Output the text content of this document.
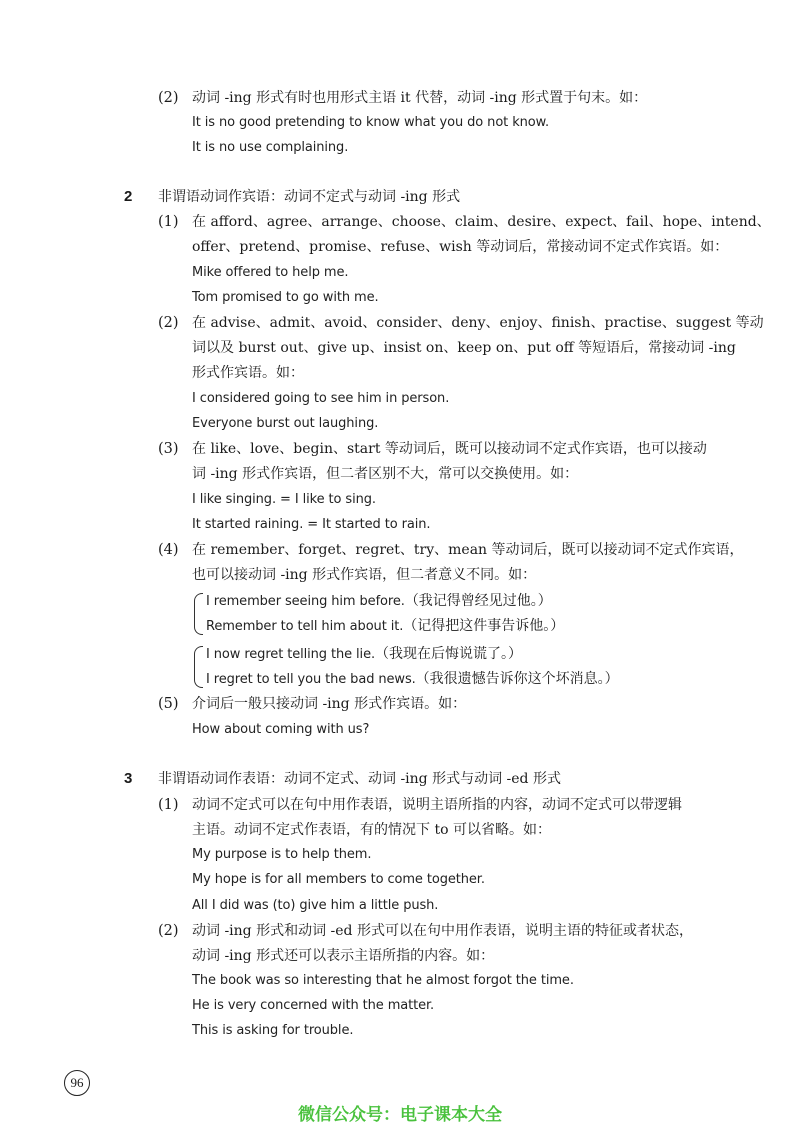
(2) 动词 -ing 形式有时也用形式主语 it 代替，动词 -ing 形式置于句末。如：
It is no good pretending to know what you do not know.
It is no use complaining.
2 非谓语动词作宾语：动词不定式与动词 -ing 形式
(1) 在 afford、agree、arrange、choose、claim、desire、expect、fail、hope、intend、
offer、pretend、promise、refuse、wish 等动词后，常接动词不定式作宾语。如：
Mike offered to help me.
Tom promised to go with me.
(2) 在 advise、admit、avoid、consider、deny、enjoy、finish、practise、suggest 等动
词以及 burst out、give up、insist on、keep on、put off 等短语后，常接动词 -ing
形式作宾语。如：
I considered going to see him in person.
Everyone burst out laughing.
(3) 在 like、love、begin、start 等动词后，既可以接动词不定式作宾语，也可以接动
词 -ing 形式作宾语，但二者区别不大，常可以交换使用。如：
I like singing. = I like to sing.
It started raining. = It started to rain.
(4) 在 remember、forget、regret、try、mean 等动词后，既可以接动词不定式作宾语，
也可以接动词 -ing 形式作宾语，但二者意义不同。如：
I remember seeing him before.（我记得曾经见过他。）
Remember to tell him about it.（记得把这件事告诉他。）
I now regret telling the lie.（我现在后悔说谎了。）
I regret to tell you the bad news.（我很遗憾告诉你这个坏消息。）
(5) 介词后一般只接动词 -ing 形式作宾语。如：
How about coming with us?
3 非谓语动词作表语：动词不定式、动词 -ing 形式与动词 -ed 形式
(1) 动词不定式可以在句中用作表语，说明主语所指的内容，动词不定式可以带逻辑
主语。动词不定式作表语，有的情况下 to 可以省略。如：
My purpose is to help them.
My hope is for all members to come together.
All I did was (to) give him a little push.
(2) 动词 -ing 形式和动词 -ed 形式可以在句中用作表语，说明主语的特征或者状态，
动词 -ing 形式还可以表示主语所指的内容。如：
The book was so interesting that he almost forgot the time.
He is very concerned with the matter.
This is asking for trouble.
96
微信公众号：电子课本大全
